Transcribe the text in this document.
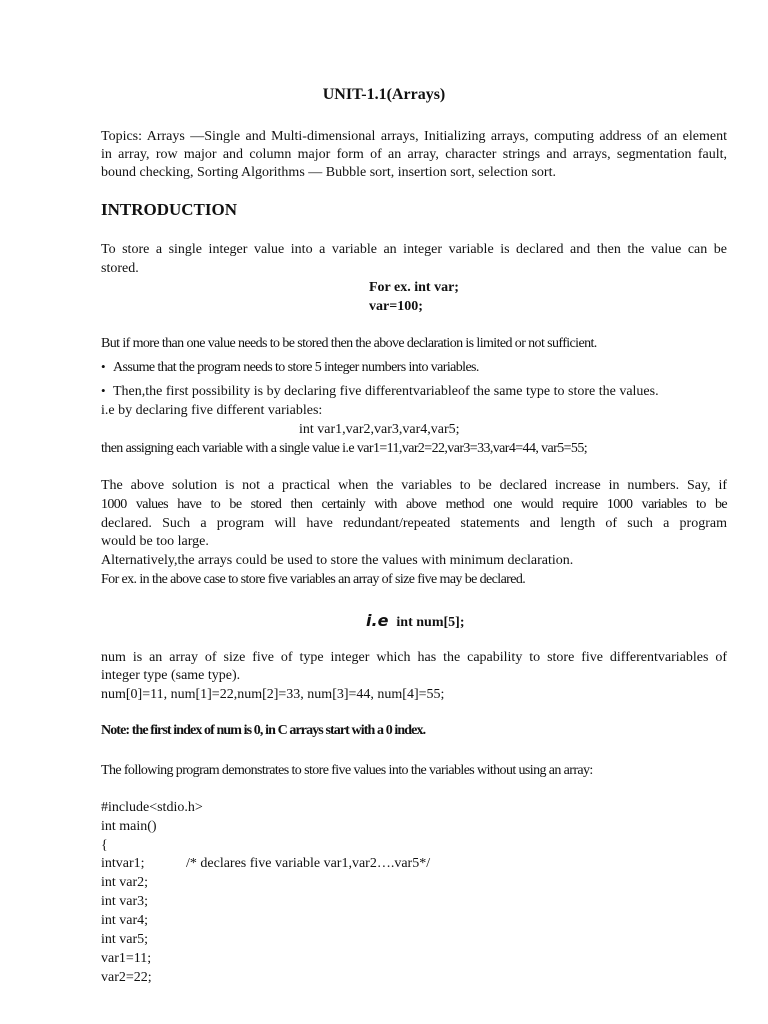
UNIT-1.1(Arrays)
Topics: Arrays —Single and Multi-dimensional arrays, Initializing arrays, computing address of an element
in array, row major and column major form of an array, character strings and arrays, segmentation fault,
bound checking, Sorting Algorithms — Bubble sort, insertion sort, selection sort.
INTRODUCTION
To store a single integer value into a variable an integer variable is declared and then the value can be
stored.
For ex. int var;
var=100;
But if more than one value needs to be stored then the above declaration is limited or not sufficient.
• Assume that the program needs to store 5 integer numbers into variables.
• Then,the first possibility is by declaring five differentvariableof the same type to store the values.
i.e by declaring five different variables:
int var1,var2,var3,var4,var5;
then assigning each variable with a single value i.e var1=11,var2=22,var3=33,var4=44, var5=55;
The above solution is not a practical when the variables to be declared increase in numbers. Say, if
1000 values have to be stored then certainly with above method one would require 1000 variables to be
declared. Such a program will have redundant/repeated statements and length of such a program
would be too large.
Alternatively,the arrays could be used to store the values with minimum declaration.
For ex. in the above case to store five variables an array of size five may be declared.
i.e int num[5];
num is an array of size five of type integer which has the capability to store five differentvariables of
integer type (same type).
num[0]=11, num[1]=22,num[2]=33, num[3]=44, num[4]=55;
Note: the first index of num is 0, in C arrays start with a 0 index.
The following program demonstrates to store five values into the variables without using an array:
#include<stdio.h>
int main()
{
intvar1;	/* declares five variable var1,var2….var5*/
int var2;
int var3;
int var4;
int var5;
var1=11;
var2=22;
